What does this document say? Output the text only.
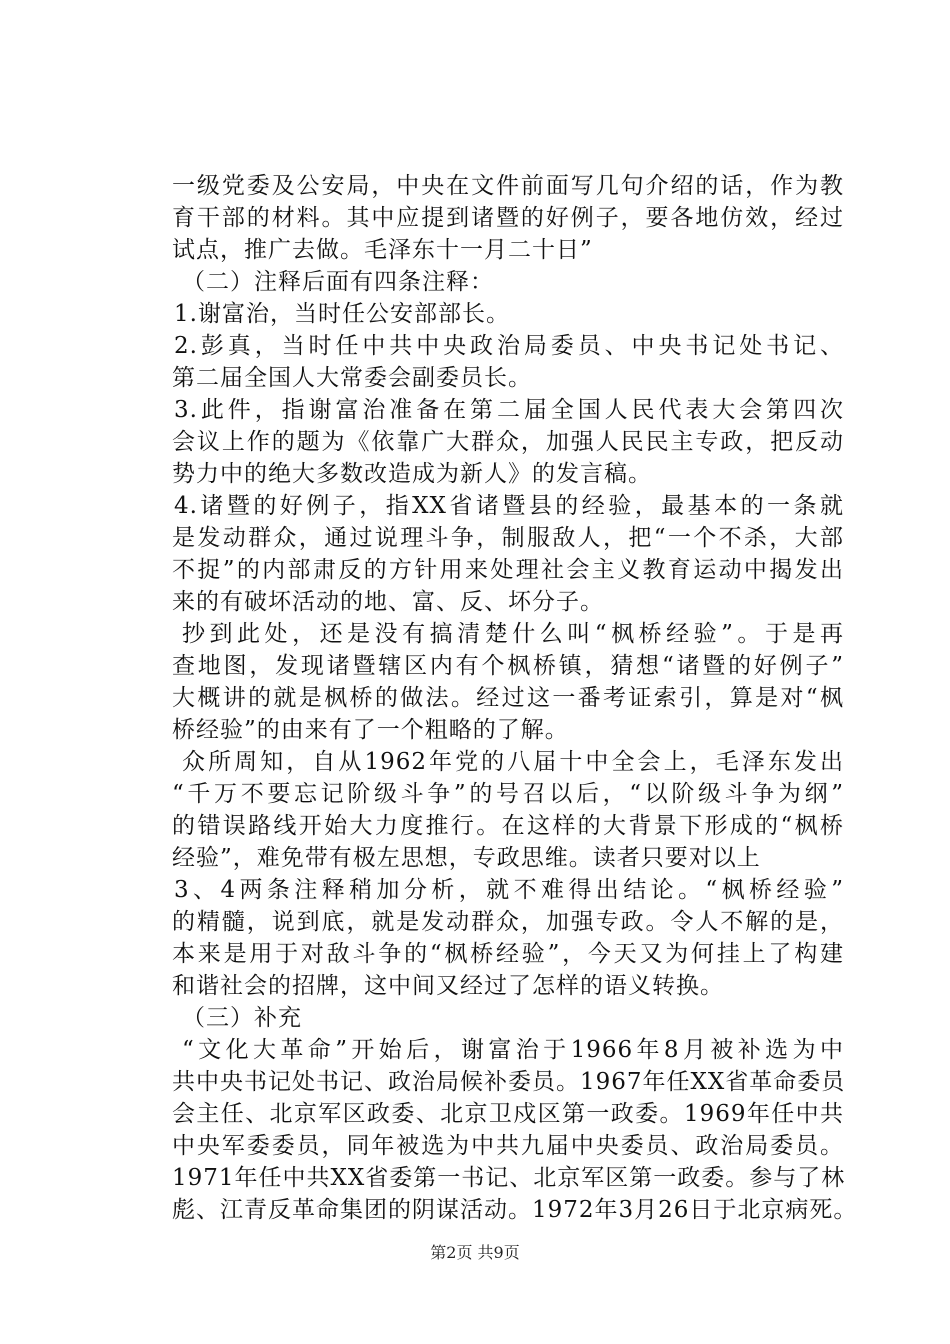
一级党委及公安局，中央在文件前面写几句介绍的话，作为教
育干部的材料。其中应提到诸暨的好例子，要各地仿效，经过
试点，推广去做。毛泽东十一月二十日”
（二）注释后面有四条注释：
1.谢富治，当时任公安部部长。
2.彭真，当时任中共中央政治局委员、中央书记处书记、
第二届全国人大常委会副委员长。
3.此件，指谢富治准备在第二届全国人民代表大会第四次
会议上作的题为《依靠广大群众，加强人民民主专政，把反动
势力中的绝大多数改造成为新人》的发言稿。
4.诸暨的好例子，指XX省诸暨县的经验，最基本的一条就
是发动群众，通过说理斗争，制服敌人，把“一个不杀，大部
不捉”的内部肃反的方针用来处理社会主义教育运动中揭发出
来的有破坏活动的地、富、反、坏分子。
抄到此处，还是没有搞清楚什么叫“枫桥经验”。于是再
查地图，发现诸暨辖区内有个枫桥镇，猜想“诸暨的好例子”
大概讲的就是枫桥的做法。经过这一番考证索引，算是对“枫
桥经验”的由来有了一个粗略的了解。
众所周知，自从1962年党的八届十中全会上，毛泽东发出
“千万不要忘记阶级斗争”的号召以后，“以阶级斗争为纲”
的错误路线开始大力度推行。在这样的大背景下形成的“枫桥
经验”，难免带有极左思想，专政思维。读者只要对以上
3、4两条注释稍加分析，就不难得出结论。“枫桥经验”
的精髓，说到底，就是发动群众，加强专政。令人不解的是，
本来是用于对敌斗争的“枫桥经验”，今天又为何挂上了构建
和谐社会的招牌，这中间又经过了怎样的语义转换。
（三）补充
“文化大革命”开始后，谢富治于1966年8月被补选为中
共中央书记处书记、政治局候补委员。1967年任XX省革命委员
会主任、北京军区政委、北京卫戍区第一政委。1969年任中共
中央军委委员，同年被选为中共九届中央委员、政治局委员。
1971年任中共XX省委第一书记、北京军区第一政委。参与了林
彪、江青反革命集团的阴谋活动。1972年3月26日于北京病死。
第2页 共9页
